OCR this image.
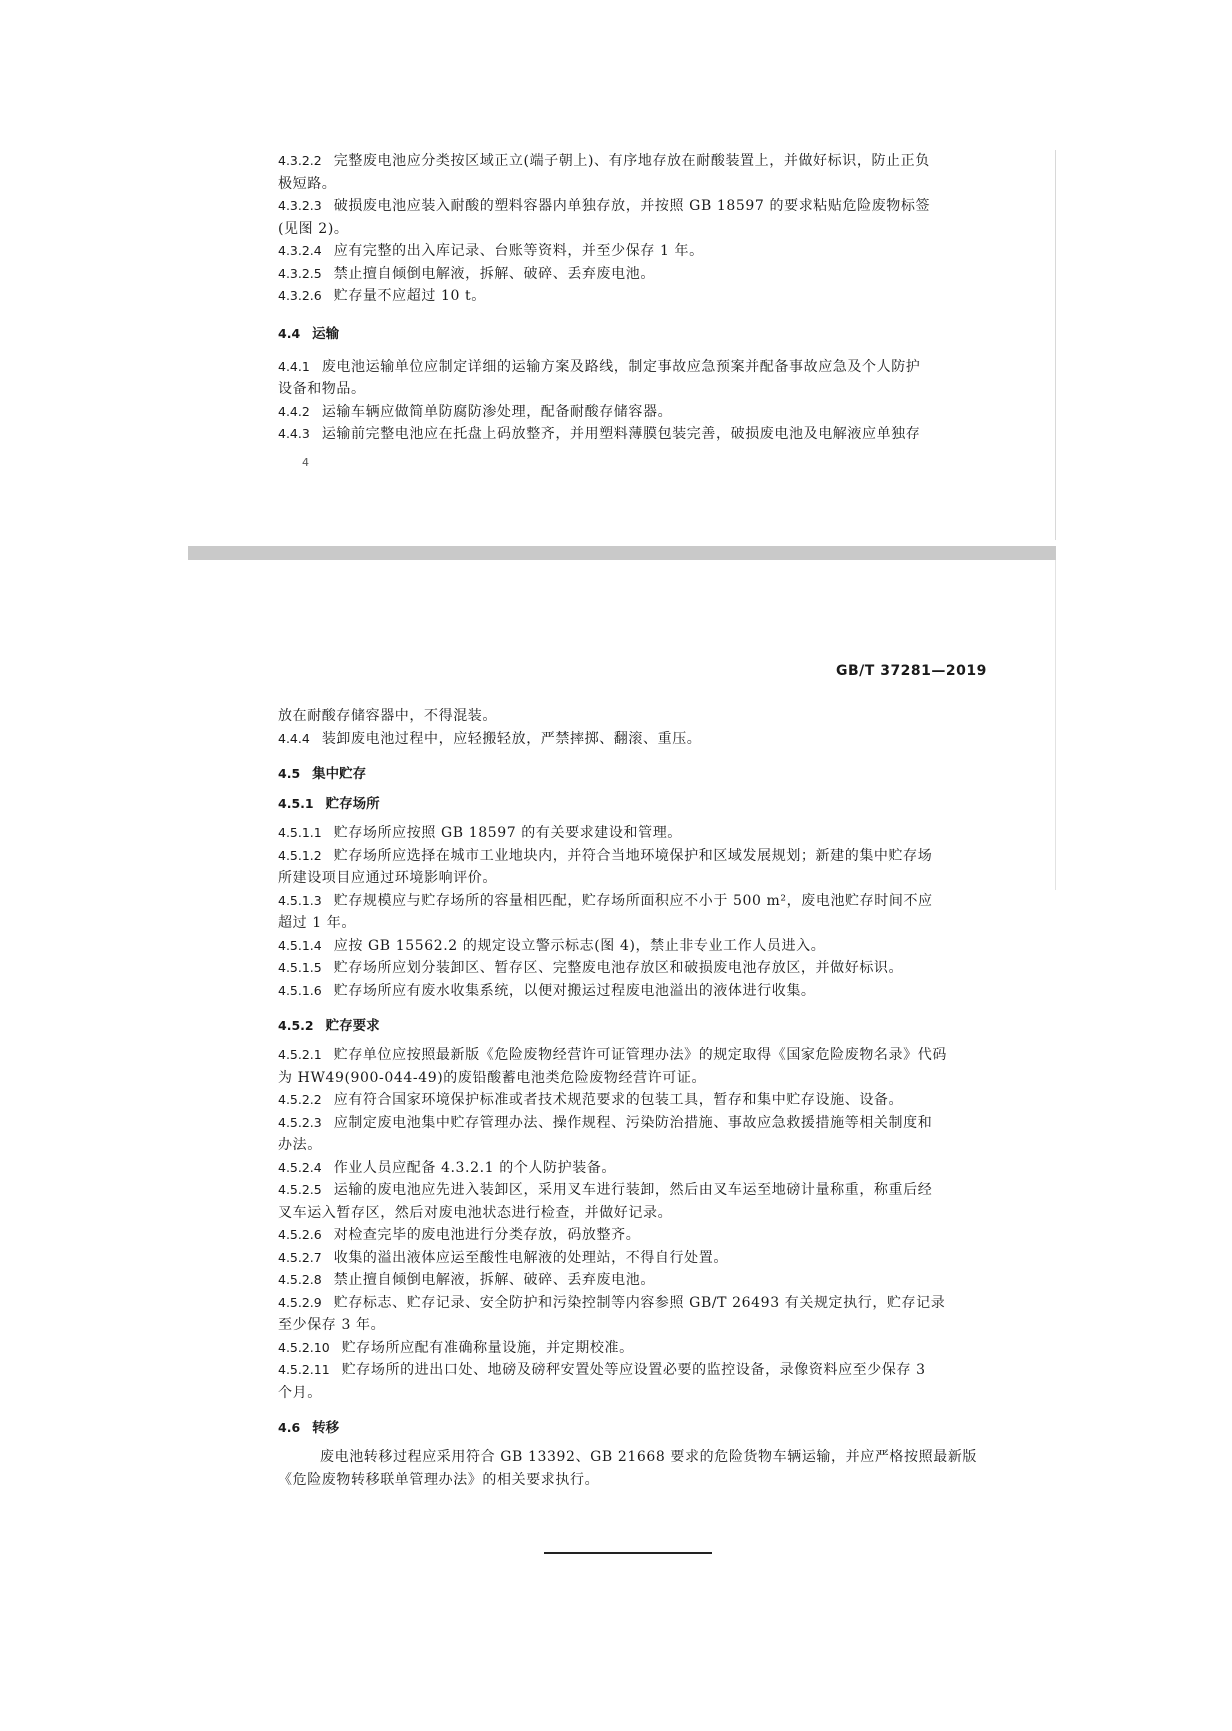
4.3.2.2 完整废电池应分类按区域正立(端子朝上)、有序地存放在耐酸装置上，并做好标识，防止正负

极短路。

4.3.2.3 破损废电池应装入耐酸的塑料容器内单独存放，并按照 GB 18597 的要求粘贴危险废物标签

(见图 2)。

4.3.2.4 应有完整的出入库记录、台账等资料，并至少保存 1 年。

4.3.2.5 禁止擅自倾倒电解液，拆解、破碎、丢弃废电池。

4.3.2.6 贮存量不应超过 10 t。

4.4 运输

4.4.1 废电池运输单位应制定详细的运输方案及路线，制定事故应急预案并配备事故应急及个人防护

设备和物品。

4.4.2 运输车辆应做简单防腐防渗处理，配备耐酸存储容器。

4.4.3 运输前完整电池应在托盘上码放整齐，并用塑料薄膜包装完善，破损废电池及电解液应单独存

4
GB/T 37281—2019

放在耐酸存储容器中，不得混装。

4.4.4 装卸废电池过程中，应轻搬轻放，严禁摔掷、翻滚、重压。

4.5 集中贮存
4.5.1 贮存场所

4.5.1.1 贮存场所应按照 GB 18597 的有关要求建设和管理。

4.5.1.2 贮存场所应选择在城市工业地块内，并符合当地环境保护和区域发展规划；新建的集中贮存场

所建设项目应通过环境影响评价。

4.5.1.3 贮存规模应与贮存场所的容量相匹配，贮存场所面积应不小于 500 m²，废电池贮存时间不应

超过 1 年。

4.5.1.4 应按 GB 15562.2 的规定设立警示标志(图 4)，禁止非专业工作人员进入。

4.5.1.5 贮存场所应划分装卸区、暂存区、完整废电池存放区和破损废电池存放区，并做好标识。

4.5.1.6 贮存场所应有废水收集系统，以便对搬运过程废电池溢出的液体进行收集。

4.5.2 贮存要求

4.5.2.1 贮存单位应按照最新版《危险废物经营许可证管理办法》的规定取得《国家危险废物名录》代码

为 HW49(900-044-49)的废铅酸蓄电池类危险废物经营许可证。

4.5.2.2 应有符合国家环境保护标准或者技术规范要求的包装工具，暂存和集中贮存设施、设备。

4.5.2.3 应制定废电池集中贮存管理办法、操作规程、污染防治措施、事故应急救援措施等相关制度和

办法。

4.5.2.4 作业人员应配备 4.3.2.1 的个人防护装备。

4.5.2.5 运输的废电池应先进入装卸区，采用叉车进行装卸，然后由叉车运至地磅计量称重，称重后经

叉车运入暂存区，然后对废电池状态进行检查，并做好记录。

4.5.2.6 对检查完毕的废电池进行分类存放，码放整齐。

4.5.2.7 收集的溢出液体应运至酸性电解液的处理站，不得自行处置。

4.5.2.8 禁止擅自倾倒电解液，拆解、破碎、丢弃废电池。

4.5.2.9 贮存标志、贮存记录、安全防护和污染控制等内容参照 GB/T 26493 有关规定执行，贮存记录

至少保存 3 年。

4.5.2.10 贮存场所应配有准确称量设施，并定期校准。

4.5.2.11 贮存场所的进出口处、地磅及磅秤安置处等应设置必要的监控设备，录像资料应至少保存 3

个月。

4.6 转移

废电池转移过程应采用符合 GB 13392、GB 21668 要求的危险货物车辆运输，并应严格按照最新版

《危险废物转移联单管理办法》的相关要求执行。
